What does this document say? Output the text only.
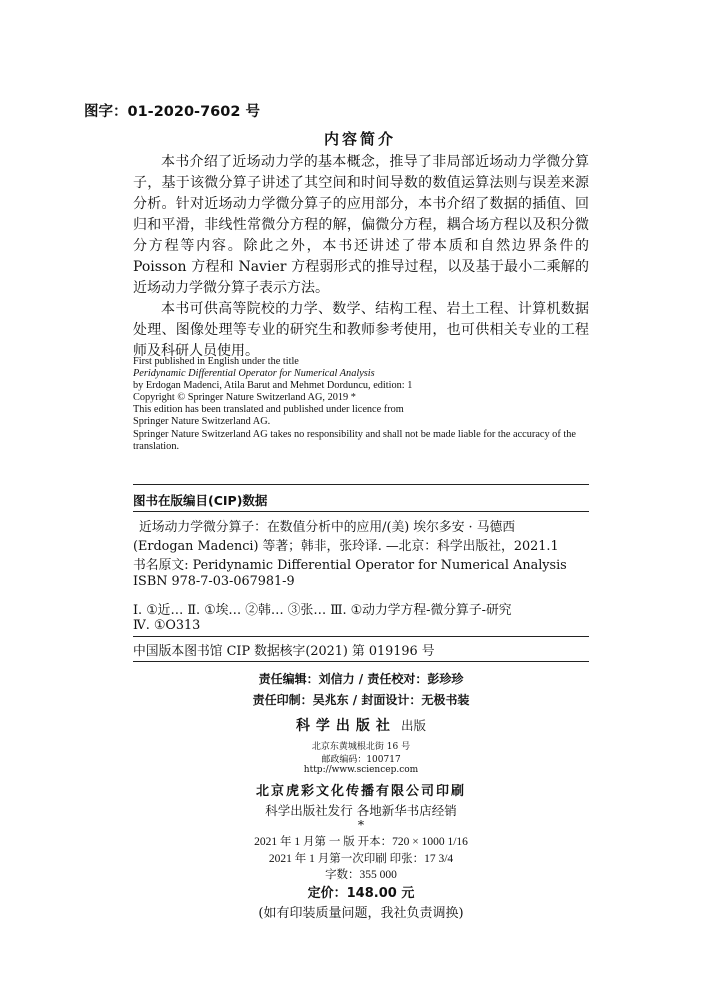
图字：01-2020-7602 号
内容简介

本书介绍了近场动力学的基本概念，推导了非局部近场动力学微分算子，基于该微分算子讲述了其空间和时间导数的数值运算法则与误差来源分析。针对近场动力学微分算子的应用部分，本书介绍了数据的插值、回归和平滑，非线性常微分方程的解，偏微分方程，耦合场方程以及积分微分方程等内容。除此之外，本书还讲述了带本质和自然边界条件的 Poisson 方程和 Navier 方程弱形式的推导过程，以及基于最小二乘解的近场动力学微分算子表示方法。

本书可供高等院校的力学、数学、结构工程、岩土工程、计算机数据处理、图像处理等专业的研究生和教师参考使用，也可供相关专业的工程师及科研人员使用。

First published in English under the title
Peridynamic Differential Operator for Numerical Analysis
by Erdogan Madenci, Atila Barut and Mehmet Dorduncu, edition: 1
Copyright © Springer Nature Switzerland AG, 2019 *
This edition has been translated and published under licence from
Springer Nature Switzerland AG.
Springer Nature Switzerland AG takes no responsibility and shall not be made liable for the accuracy of the translation.
图书在版编目(CIP)数据
近场动力学微分算子：在数值分析中的应用/(美) 埃尔多安 · 马德西
(Erdogan Madenci) 等著；韩非，张玲译. —北京：科学出版社，2021.1
书名原文: Peridynamic Differential Operator for Numerical Analysis
ISBN 978-7-03-067981-9
Ⅰ. ①近… Ⅱ. ①埃… ②韩… ③张… Ⅲ. ①动力学方程-微分算子-研究
Ⅳ. ①O313
中国版本图书馆 CIP 数据核字(2021) 第 019196 号
责任编辑：刘信力 / 责任校对：彭珍珍
责任印制：吴兆东 / 封面设计：无极书装
科学出版社 出版
北京东黄城根北街 16 号
邮政编码：100717
http://www.sciencep.com
北京虎彩文化传播有限公司印刷
科学出版社发行 各地新华书店经销
*
2021 年 1 月第 一 版 开本：720 × 1000 1/16
2021 年 1 月第一次印刷 印张：17 3/4
字数：355 000
定价：148.00 元
(如有印装质量问题，我社负责调换)
